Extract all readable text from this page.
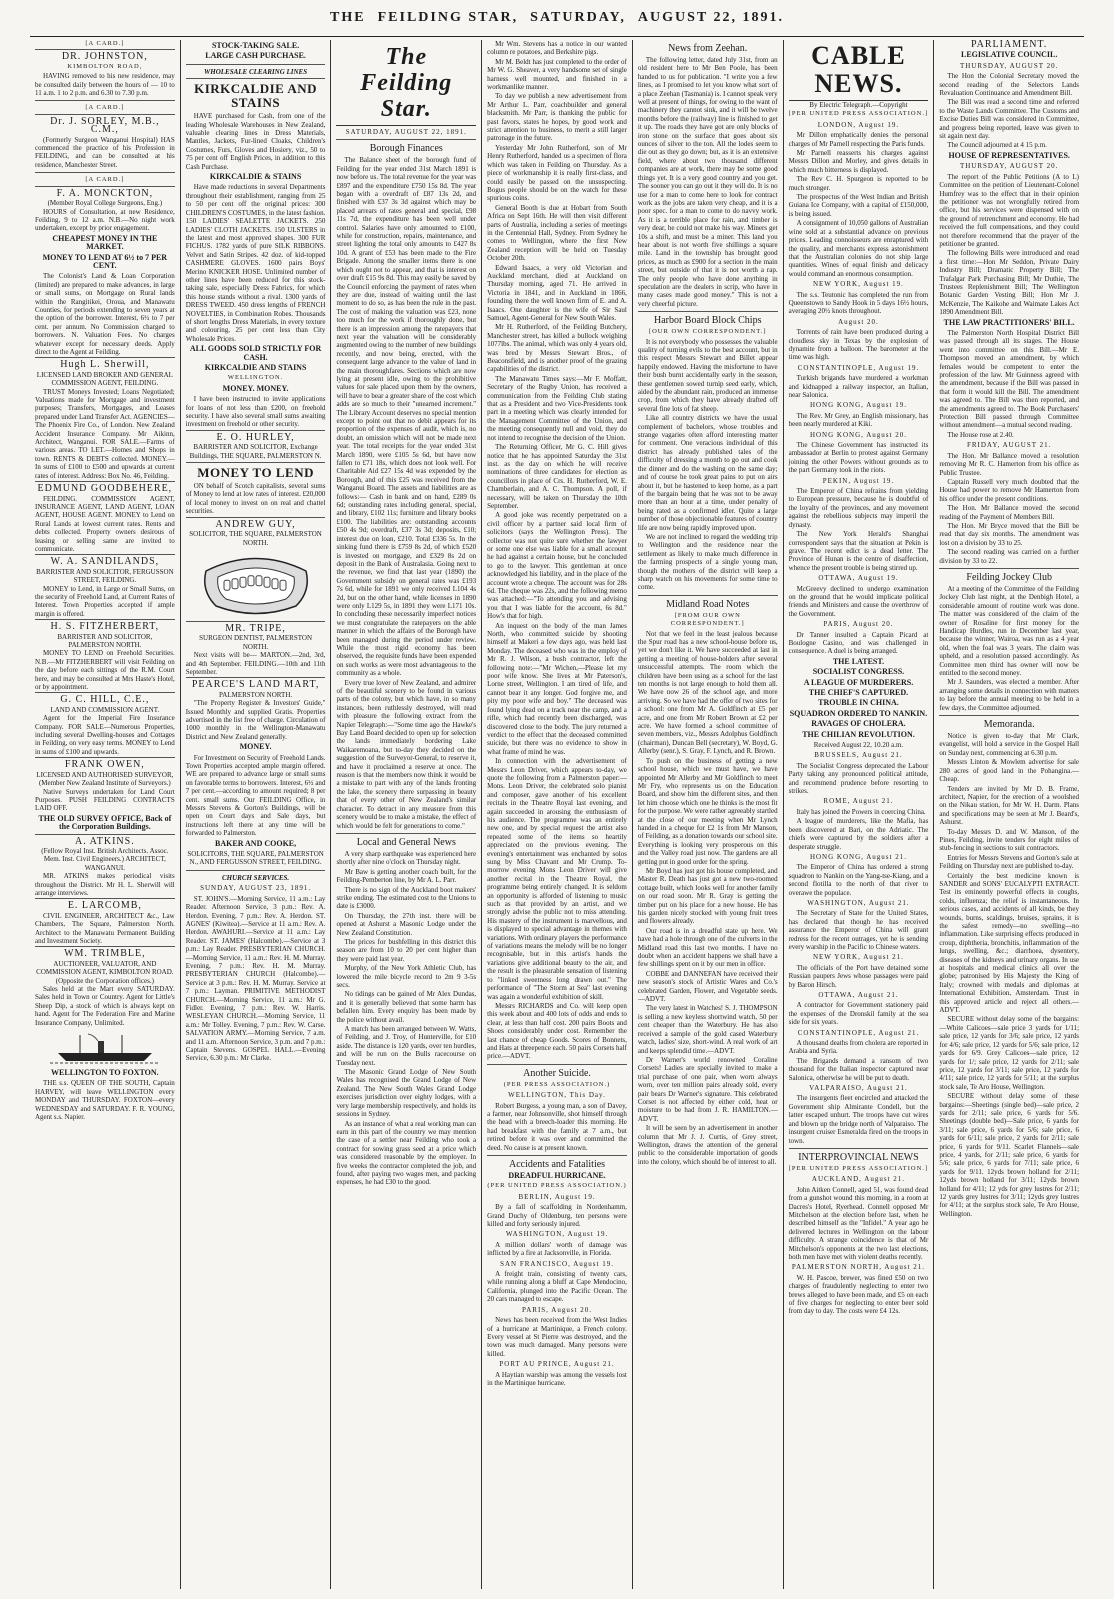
THE FEILDING STAR, SATURDAY, AUGUST 22, 1891.

[A CARD.]

DR. JOHNSTON,

KIMBOLTON ROAD,

HAVING removed to his new residence, may be consulted daily between the hours of — 10 to 11 a.m. 1 to 2 p.m. and 6.30 to 7.30 p.m.

[A CARD.]

Dr. J. SORLEY, M.B., C.M.,

(Formerly Surgeon Wanganui Hospital) HAS commenced the practice of his Profession in FEILDING, and can be consulted at his residence, Manchester Street.

[A CARD.]

F. A. MONCKTON,

(Member Royal College Surgeons, Eng.)

HOURS of Consultation, at new Residence, Feilding, 9 to 12 a.m. N.B.—No night work undertaken, except by prior engagement.

CHEAPEST MONEY IN THE MARKET.

MONEY TO LEND AT 6½ to 7 PER CENT.

The Colonist's Land & Loan Corporation (limited) are prepared to make advances, in large or small sums, on Mortgage on Rural lands within the Rangitikei, Oroua, and Manawatu Counties, for periods extending to seven years at the option of the borrower. Interest, 6½ to 7 per cent. per annum. No Commission charged to borrowers. N. Valuation Fees. No charges whatever except for necessary deeds. Apply direct to the Agent at Feilding.

Hugh L. Sherwill,

LICENSED LAND BROKER AND GENERAL COMMISSION AGENT, FEILDING.

TRUST Moneys Invested; Loans Negotiated; Valuations made for Mortgage and investment purposes; Transfers, Mortgages, and Leases prepared under Land Transfer Act. AGENCIES—The Phoenix Fire Co., of London. New Zealand Accident Insurance Company. Mr Aikinn, Architect, Wanganui. FOR SALE.—Farms of various areas. TO LET.—Homes and Shops in town. RENTS & DEBTS collected. MONEY.—In sums of £100 to £500 and upwards at current rates of interest. Address: Box No. 46, Feilding.

EDMUND GOODBEHERE,

FEILDING. COMMISSION AGENT, INSURANCE AGENT, LAND AGENT, LOAN AGENT, HOUSE AGENT. MONEY to Lend on Rural Lands at lowest current rates. Rents and debts collected. Property owners desirous of leasing or selling same are invited to communicate.

W. A. SANDILANDS,

BARRISTER AND SOLICITOR, FERGUSSON STREET, FEILDING.

MONEY to Lend, in Large or Small Sums, on the security of Freehold Land, at Current Rates of Interest. Town Properties accepted if ample margin is offered.

H. S. FITZHERBERT,

BARRISTER AND SOLICITOR, PALMERSTON NORTH.

MONEY TO LEND on Freehold Securities. N.B.—Mr FITZHERBERT will visit Feilding on the day before each sittings of the R.M. Court here, and may be consulted at Mrs Haste's Hotel, or by appointment.

G. C. HILL, C.E.,

LAND AND COMMISSION AGENT.

Agent for the Imperial Fire Insurance Company. FOR SALE—Numerous Properties, including several Dwelling-houses and Cottages in Feilding, on very easy terms. MONEY to Lend in sums of £100 and upwards.

FRANK OWEN,

LICENSED AND AUTHORISED SURVEYOR, (Member New Zealand Institute of Surveyors.)

Native Surveys undertaken for Land Court Purposes. PUSH FEILDING CONTRACTS LAID OFF.

THE OLD SURVEY OFFICE, Back of the Corporation Buildings.

A. ATKINS.

(Fellow Royal Inst. British Architects. Assoc. Mem. Inst. Civil Engineers.) ARCHITECT, WANGANUI.

MR. ATKINS makes periodical visits throughout the District. Mr H. L. Sherwill will arrange interviews.

E. LARCOMB,

CIVIL ENGINEER, ARCHITECT &c., Law Chambers, The Square, Palmerston North. Architect to the Manawatu Permanent Building and Investment Society.

WM. TRIMBLE,

AUCTIONEER, VALUATOR, AND COMMISSION AGENT, KIMBOLTON ROAD. (Opposite the Corporation offices.)

Sales held at the Mart every SATURDAY. Sales held in Town or Country. Agent for Little's Sheep Dip, a stock of which is always kept on hand. Agent for The Federation Fire and Marine Insurance Company, Unlimited.

WELLINGTON TO FOXTON.

THE s.s. QUEEN OF THE SOUTH, Captain HARVEY, will leave WELLINGTON every MONDAY and THURSDAY. FOXTON—every WEDNESDAY and SATURDAY. F. R. YOUNG, Agent s.s. Napier.

STOCK-TAKING SALE.

LARGE CASH PURCHASE.

WHOLESALE CLEARING LINES

KIRKCALDIE AND STAINS

HAVE purchased for Cash, from one of the leading Wholesale Warehouses in New Zealand, valuable clearing lines in Dress Materials, Mantles, Jackets, Fur-lined Cloaks, Children's Costumes, Furs, Gloves and Hosiery, viz., 50 to 75 per cent off English Prices, in addition to this Cash Purchase.

KIRKCALDIE & STAINS

Have made reductions in several Departments throughout their establishment, ranging from 25 to 50 per cent off the original prices: 300 CHILDREN'S COSTUMES, in the latest fashion. 150 LADIES' SEALETTE JACKETS. 250 LADIES' CLOTH JACKETS. 150 ULSTERS in the latest and most approved shapes. 300 FUR FICHUS. 1782 yards of pure SILK RIBBONS. Velvet and Satin Stripes. 42 doz. of kid-topped CASHMERE GLOVES. 1600 pairs Boys' Merino KNICKER HOSE. Unlimited number of other lines have been reduced for this stock-taking sale, especially Dress Fabrics, for which this house stands without a rival. 1300 yards of DRESS TWEED. 450 dress lengths of FRENCH NOVELTIES, in Combination Robes. Thousands of short lengths Dress Materials, in every texture and colouring, 25 per cent less than City Wholesale Prices.

ALL GOODS SOLD STRICTLY FOR CASH.

KIRKCALDIE AND STAINS

WELLINGTON.

MONEY. MONEY.

I have been instructed to invite applications for loans of not less than £200, on freehold security. I have also several small sums awaiting investment on freehold or other security.

E. O. HURLEY,

BARRISTER AND SOLICITOR, Exchange Buildings, THE SQUARE, PALMERSTON N.

MONEY TO LEND

ON behalf of Scotch capitalists, several sums of Money to lend at low rates of interest. £20,000 of local money to invest on on real and chattel securities.

ANDREW GUY,

SOLICITOR, THE SQUARE, PALMERSTON NORTH.

MR. TRIPE,

SURGEON DENTIST, PALMERSTON NORTH.

Next visits will be— MARTON.—2nd, 3rd, and 4th September. FEILDING.—10th and 11th September.

PEARCE'S LAND MART,

PALMERSTON NORTH.

"The Property Register & Investors' Guide," Issued Monthly and supplied Gratis. Properties advertised in the list free of charge. Circulation of 1000 monthly in the Wellington-Manawatu District and New Zealand generally.

MONEY.

For Investment on Security of Freehold Lands. Town Properties accepted ample margin offered. WE are prepared to advance large or small sums on favorable terms to borrowers. Interest, 6½ and 7 per cent.—according to amount required; 8 per cent. small sums. Our FEILDING Office, in Messrs Stevens & Gorton's Buildings, will be open on Court days and Sale days, but instructions left there at any time will be forwarded to Palmerston.

BAKER AND COOKE,

SOLICITORS, THE SQUARE, PALMERSTON N., AND FERGUSSON STREET, FEILDING.

CHURCH SERVICES.

SUNDAY, AUGUST 23, 1891.

ST. JOHN'S.—Morning Service, 11 a.m.: Lay Reader. Afternoon Service, 3 p.m.: Rev. A. Herdon. Evening, 7 p.m.: Rev. A. Herdon. ST. AGNES' (Kiwitea).—Service at 11 a.m.: Rev. A. Herdon. AWAHURI.—Service at 11 a.m.: Lay Reader. ST. JAMES' (Halcombe).—Service at 3 p.m.: Lay Reader. PRESBYTERIAN CHURCH.—Morning Service, 11 a.m.: Rev. H. M. Murray. Evening, 7 p.m.: Rev. H. M. Murray. PRESBYTERIAN CHURCH (Halcombe).—Service at 3 p.m.: Rev. H. M. Murray. Service at 7 p.m.: Layman. PRIMITIVE METHODIST CHURCH.—Morning Service, 11 a.m.: Mr G. Fidler. Evening, 7 p.m.: Rev. W. Harris. WESLEYAN CHURCH.—Morning Service, 11 a.m.: Mr Tolley. Evening, 7 p.m.: Rev. W. Carse. SALVATION ARMY.—Morning Service, 7 a.m. and 11 a.m. Afternoon Service, 3 p.m. and 7 p.m.: Captain Stevens. GOSPEL HALL.—Evening Service, 6.30 p.m.: Mr Clarke.

The Feilding Star.

SATURDAY, AUGUST 22, 1891.

Borough Finances

The Balance sheet of the borough fund of Feilding for the year ended 31st March 1891 is now before us. The total revenue for the year was £897 and the expenditure £750 15s 8d. The year began with a overdraft of £87 13s 2d, and finished with £37 3s 3d against which may be placed arrears of rates general and special, £98 11s 7d, the expenditure has been well under control. Salaries have only amounted to £100, while for construction, repairs, maintenance, and street lighting the total only amounts to £427 8s 10d. A grant of £53 has been made to the Fire Brigade. Among the smaller items there is one which ought not to appear, and that is interest on over draft £15 9s 8d. This may easily be saved by the Council enforcing the payment of rates when they are due, instead of waiting until the last moment to do so, as has been the rule in the past. The cost of making the valuation was £23, none too much for the work if thoroughly done, but there is an impression among the ratepayers that next year the valuation will be considerably augmented owing to the number of new buildings recently, and now being, erected, with the consequent large advance to the value of land in the main thoroughfares. Sections which are now lying at present idle, owing to the prohibitive values for sale placed upon them by the owners, will have to bear a greater share of the cost which adds are so much to their "unearned increment." The Library Account deserves no special mention except to point out that no debit appears for its proportion of the expenses of audit, which is, no doubt, an omission which will not be made next year. The total receipts for the year ended 31st March 1890, were £105 5s 6d, but have now fallen to £71 18s, which does not look well. For Charitable Aid £27 15s 4d was expended by the Borough, and of this £25 was received from the Wanganui Board. The assets and liabilities are as follows:— Cash in bank and on hand, £289 0s 6d; outstanding rates including general, special, and library, £102 11s; furniture and library books £100. The liabilities are: outstanding accounts £50 4s 9d; overdraft, £37 3s 3d; deposits, £10; interest due on loan, £210. Total £336 5s. In the sinking fund there is £759 8s 2d, of which £520 is invested on mortgage, and £329 8s 2d on deposit in the Bank of Australasia. Going next to the revenue, we find that last year (1890) the Government subsidy on general rates was £193 7s 6d, while for 1891 we only received L104 4s 2d, but on the other hand, while licenses in 1890 were only L129 5s, in 1891 they were L171 10s. In concluding these necessarily imperfect notices we must congratulate the ratepayers on the able manner in which the affairs of the Borough have been managed during the period under review. While the most rigid economy has been observed, the requisite funds have been expended on such works as were most advantageous to the community as a whole.

Every true lover of New Zealand, and admirer of the beautiful scenery to be found in various parts of the colony, but which have, in so many instances, been ruthlessly destroyed, will read with pleasure the following extract from the Napier Telegraph:—"Some time ago the Hawke's Bay Land Board decided to open up for selection the lands immediately bordering Lake Waikaremoana, but to-day they decided on the suggestion of the Surveyor-General, to reserve it, and have it proclaimed a reserve at once. The reason is that the members now think it would be a mistake to part with any of the lands fronting the lake, the scenery there surpassing in beauty that of every other of New Zealand's similar character. To detract in any measure from this scenery would be to make a mistake, the effect of which would be felt for generations to come."

Local and General News

A very sharp earthquake was experienced here shortly after nine o'clock on Thursday night.

Mr Baw is getting another coach built, for the Feilding-Pemberton line, by Mr A. L. Parr.

There is no sign of the Auckland boot makers' strike ending. The estimated cost to the Unions to date is £3000.

On Thursday, the 27th inst. there will be opened at Ashurst a Masonic Lodge under the New Zealand Constitution.

The prices for bushfelling in this district this season are from 10 to 20 per cent higher than they were paid last year.

Murphy, of the New York Athletic Club, has lowered the mile bicycle record to 2m 9 3-5s secs.

No tidings can be gained of Mr Alex Dundas, and it is generally believed that some harm has befallen him. Every enquiry has been made by the police without avail.

A match has been arranged between W. Watts, of Feilding, and J. Troy, of Hunterville, for £10 aside. The distance is 120 yards, over ten hurdles, and will be run on the Bulls racecourse on Tuesday next.

The Masonic Grand Lodge of New South Wales has recognised the Grand Lodge of New Zealand. The New South Wales Grand Lodge exercises jurisdiction over eighty lodges, with a very large membership respectively, and holds its sessions in Sydney.

As an instance of what a real working man can earn in this part of the country we may mention the case of a settler near Feilding who took a contract for sowing grass seed at a price which was considered reasonable by the employer. In five weeks the contractor completed the job, and found, after paying two wages men, and packing expenses, he had £30 to the good.

Mr Wm. Stevens has a notice in our wanted column re potatoes, and Berkshire pigs.

Mr M. Beldt has just completed to the order of Mr W. G. Sheaver, a very handsome set of single harness well mounted, and finished in a workmanlike manner.

To day we publish a new advertisement from Mr Arthur L. Parr, coachbuilder and general blacksmith. Mr Parr, is thanking the public for past favors, states he hopes, by good work and strict attention to business, to merit a still larger patronage in the future.

Yesterday Mr John Rutherford, son of Mr Henry Rutherford, handed us a specimen of flora which was taken in Feilding on Thursday. As a piece of workmanship it is really first-class, and could easily be passed on the unsuspecting. Bogus people should be on the watch for these spurious coins.

General Booth is due at Hobart from South Africa on Sept 16th. He will then visit different parts of Australia, including a series of meetings in the Centennial Hall, Sydney. From Sydney he comes to Wellington, where the first New Zealand reception will be held on Tuesday October 20th.

Edward Isaacs, a very old Victorian and Auckland merchant, died at Auckland on Thursday morning, aged 71. He arrived in Victoria in 1841, and in Auckland in 1866, founding there the well known firm of E. and A. Isaacs. One daughter is the wife of Sir Saul Samuel, Agent-General for New South Wales.

Mr H. Rutherford, of the Feilding Butchery, Manchester street, has killed a bullock weighing 1077lbs. The animal, which was only 4 years old, was bred by Messrs Stewart Bros., of Beaconsfield, and is another proof of the grazing capabilities of the district.

The Manawatu Times says:—Mr F. Moffatt, Secretary of the Rugby Union, has received a communication from the Feilding Club stating that as a President and two Vice-Presidents took part in a meeting which was clearly intended for the Management Committee of the Union, and the meeting consequently null and void, they do not intend to recognise the decision of the Union.

The Returning Officer, Mr G. C. Hill gives notice that he has appointed Saturday the 31st inst. as the day on which he will receive nominations of three candidates for election as councillors in place of Crs. H. Rutherford, W. E. Chamberlain, and A. C. Thompson. A poll, if necessary, will be taken on Thursday the 10th September.

A good joke was recently perpetrated on a civil officer by a partner said local firm of solicitors (says the Wellington Press). The collector was not quite sure whether the lawyer or some one else was liable for a small account he had against a certain house, but he concluded to go to the lawyer. This gentleman at once acknowledged his liability, and in the place of the account wrote a cheque. The account was for 28s 6d. The cheque was 22s, and the following memo was attached:—"To attending you and advising you that I was liable for the account, 6s 8d." How's that for high.

An inquest on the body of the man James North, who committed suicide by shooting himself at Makeri a few days ago, was held last Monday. The deceased who was in the employ of Mr R. J. Wilson, a bush contractor, left the following note:—"Mr Wichen,—Please let my poor wife know. She lives at Mr Paterson's, Lorne street, Wellington. I am tired of life, and cannot bear it any longer. God forgive me, and pity my poor wife and boy." The deceased was found lying dead on a track near the camp, and a rifle, which had recently been discharged, was discovered close to the body. The jury returned a verdict to the effect that the deceased committed suicide, but there was no evidence to show in what frame of mind he was.

In connection with the advertisement of Messrs Leon Driver, which appears to-day, we quote the following from a Palmerston paper:—Mons. Leon Driver, the celebrated solo pianist and composer, gave another of his excellent recitals in the Theatre Royal last evening, and again succeeded in arousing the enthusiasm of his audience. The programme was an entirely new one, and by special request the artist also repeated some of the items so heartily appreciated on the previous evening. The evening's entertainment was enchanted by solos sung by Miss Chavant and Mr Crump. To-morrow evening Mons Leon Driver will give another recital in the Theatre Royal, the programme being entirely changed. It is seldom an opportunity is afforded of listening to music such as that provided by an artist, and we strongly advise the public not to miss attending. His mastery of the instrument is marvellous, and is displayed to special advantage in themes with variations. With ordinary players the performance of variations means the melody will be no longer recognisable, but in this artist's hands the variations give additional beauty to the air, and the result is the pleasurable sensation of listening to "linked sweetness long drawn out." The performance of "The Storm at Sea" last evening was again a wonderful exhibition of skill.

Messrs RICHARDS and Co. will keep open this week about and 400 lots of odds and ends to clear, at less than half cost. 200 pairs Boots and Shoes considerably under cost. Remember the last chance of cheap Goods. Scores of Bonnets, and Hats at threepence each. 50 pairs Corsets half price.—ADVT.

Another Suicide.

(PER PRESS ASSOCIATION.)

WELLINGTON, This Day.

Robert Burgess, a young man, a son of Davey, a farmer, near Johnsonville, shot himself through the head with a breech-loader this morning. He had breakfast with the family at 7 a.m., but retired before it was over and committed the deed. No cause is at present known.

Accidents and Fatalities

DREADFUL HURRICANE.

(PER UNITED PRESS ASSOCIATION.)

BERLIN, August 19.

By a fall of scaffolding in Nordenhamm, Grand Duchy of Oldenburg, ten persons were killed and forty seriously injured.

WASHINGTON, August 19.

A million dollars' worth of damage was inflicted by a fire at Jacksonville, in Florida.

SAN FRANCISCO, August 19.

A freight train, consisting of twenty cars, while running along a bluff at Cape Mendocino, California, plunged into the Pacific Ocean. The 20 cars managed to escape.

PARIS, August 20.

News has been received from the West Indies of a hurricane at Martinique, a French colony. Every vessel at St Pierre was destroyed, and the town was much damaged. Many persons were killed.

PORT AU PRINCE, August 21.

A Haytian warship was among the vessels lost in the Martinique hurricane.

News from Zeehan.

The following letter, dated July 31st, from an old resident here to Mr Ben Poole, has been handed to us for publication. "I write you a few lines, as I promised to let you know what sort of a place Zeehan (Tasmania) is. I cannot speak very well at present of things, for owing to the want of machinery they cannot sink, and it will be twelve months before the (railway) line is finished to get it up. The roads they have got are only blocks of iron stone on the surface that goes about six ounces of silver to the ton. All the lodes seem to die out as they go down; but, as it is an extensive field, where about two thousand different companies are at work, there may be some good things yet. It is a very good country and you get. The sooner you can go out it they will do. It is no use for a man to come here to look for contract work as the jobs are taken very cheap, and it is a poor spec. for a man to come to do navvy work. As it is a terrible place for rain, and timber is very dear, he could not make his way. Miners get 10s a shift, and must be a miner. This land you hear about is not worth five shillings a square mile. Land in the township has brought good prices, as much as £900 for a section in the main street, but outside of that it is not worth a rap. The only people who have done anything in speculation are the dealers in scrip, who have in many cases made good money." This is not a very cheerful picture.

Harbor Board Block Chips

[OUR OWN CORRESPONDENT.]

It is not everybody who possesses the valuable quality of turning evils to the best account, but in this respect Messrs Stewart and Billet appear happily endowed. Having the misfortune to have their bush burnt accidentally early in the season, these gentlemen sowed turnip seed early, which, aided by the abundant rain, produced an immense crop, from which they have already drafted off several fine lots of fat sheep.

Like all country districts we have the usual complement of bachelors, whose troubles and strange vagaries often afford interesting matter for comment. One veracious individual of this district has already published tales of the difficulty of dressing a month to go out and cook the dinner and do the washing on the same day; and of course he took great pains to put on airs about it, but he hastened to keep home, as a part of the bargain being that he was not to be away more than an hour at a time, under penalty of being rated as a confirmed idler. Quite a large number of those objectionable features of country life are now being rapidly improved upon.

We are not inclined to regard the wedding trip to Wellington and the residence near the settlement as likely to make much difference in the farming prospects of a single young man, though the mothers of the district will keep a sharp watch on his movements for some time to come.

Midland Road Notes

[FROM OUR OWN CORRESPONDENT.]

Not that we feel in the least jealous because the Spur road has a new school-house before us, yet we don't like it. We have succeeded at last in getting a meeting of house-holders after several unsuccessful attempts. The room which the children have been using as a school for the last ten months is not large enough to hold them all. We have now 26 of the school age, and more arriving. So we have had the offer of two sites for a school: one from Mr A. Goldfinch at £5 per acre, and one from Mr Robert Brown at £2 per acre. We have formed a school committee of seven members, viz., Messrs Adolphus Goldfinch (chairman), Duncan Bell (secretary), W. Boyd, G. Allerby (senr.), S. Gray, F. Lynch, and R. Brown.

To push on the business of getting a new school house, which we must have, we have appointed Mr Allerby and Mr Goldfinch to meet Mr Fry, who represents us on the Education Board, and show him the different sites, and then let him choose which one he thinks is the most fit for the purpose. We were rather agreeably startled at the close of our meeting when Mr Lynch handed in a cheque for £2 1s from Mr Manson, of Feilding, as a donation towards our school site. Everything is looking very prosperous on this and the Valley road just now. The gardens are all getting put in good order for the spring.

Mr Boyd has just got his house completed, and Master R. Death has just got a new two-roomed cottage built, which looks well for another family on our road soon. Mr R. Gray is getting the timber put on his place for a new house. He has his garden nicely stocked with young fruit trees and flowers already.

Our road is in a dreadful state up here. We have had a hole through one of the culverts in the Midland road this last two months. I have no doubt when an accident happens we shall have a few shillings spent on it by our men in office.

COBBE and DANNEFAN have received their new season's stock of Artistic Wares and Co.'s celebrated Garden, Flower, and Vegetable seeds.—ADVT.

The very latest in Watches! S. J. THOMPSON is selling a new keyless shortwind watch, 50 per cent cheaper than the Waterbury. He has also received a sample of the gold cased Waterbury watch, ladies' size, short-wind. A real work of art and keeps splendid time.—ADVT.

Dr Warner's world renowned Coraline Corsets! Ladies are specially invited to make a trial purchase of one pair, when worn always worn, over ten million pairs already sold, every pair bears Dr Warner's signature. This celebrated Corset is not affected by either cold, heat or moisture to be had from J. R. HAMILTON.—ADVT.

It will be seen by an advertisement in another column that Mr J. J. Curtis, of Grey street, Wellington, draws the attention of the general public to the considerable importation of goods into the colony, which should be of interest to all.

CABLE NEWS.

By Electric Telegraph.—Copyright

[PER UNITED PRESS ASSOCIATION.]

LONDON, August 19.

Mr Dillon emphatically denies the personal charges of Mr Parnell respecting the Paris funds.

Mr Parnell reasserts his charges against Messrs Dillon and Morley, and gives details in which much bitterness is displayed.

The Rev C. H. Spurgeon is reported to be much stronger.

The prospectus of the West Indian and British Guiana Ice Company, with a capital of £150,000, is being issued.

A consignment of 10,050 gallons of Australian wine sold at a substantial advance on previous prices. Leading connoisseurs are enraptured with the quality, and merchants express astonishment that the Australian colonies do not ship large quantities. Wines of equal finish and delicacy would command an enormous consumption.

NEW YORK, August 19.

The s.s. Teutonic has completed the run from Queenstown to Sandy Hook in 5 days 16½ hours, averaging 20½ knots throughout.

August 20.

Torrents of rain have been produced during a cloudless sky in Texas by the explosion of dynamite from a balloon. The barometer at the time was high.

CONSTANTINOPLE, August 19.

Turkish brigands have murdered a workman and kidnapped a railway inspector, an Italian, near Salonica.

HONG KONG, August 19.

The Rev. Mr Grey, an English missionary, has been nearly murdered at Kiki.

HONG KONG, August 20.

The Chinese Government has instructed its ambassador at Berlin to protest against Germany joining the other Powers without grounds as to the part Germany took in the riots.

PEKIN, August 19.

The Emperor of China refrains from yielding to European pressure, because he is doubtful of the loyalty of the provinces, and any movement against the rebellious subjects may imperil the dynasty.

The New York Herald's Shanghai correspondent says that the situation at Pekin is grave. The recent edict is a dead letter. The Province of Hunan is the centre of disaffection, whence the present trouble is being stirred up.

OTTAWA, August 19.

McGreevy declined to undergo examination on the ground that he would implicate political friends and Ministers and cause the overthrow of the Government.

PARIS, August 20.

Dr Tanner insulted a Captain Picard at Boulogne Casino, and was challenged in consequence. A duel is being arranged.

THE LATEST.

SOCIALIST CONGRESS.

A LEAGUE OF MURDERERS.

THE CHIEF'S CAPTURED.

TROUBLE IN CHINA.

SQUADRON ORDERED TO NANKIN.

RAVAGES OF CHOLERA.

THE CHILIAN REVOLUTION.

Received August 22, 10.20 a.m.

BRUSSELS, August 21.

The Socialist Congress deprecated the Labour Party taking any pronounced political attitude, and recommend prudence before resorting to strikes.

ROME, August 21.

Italy has joined the Powers in coercing China.

A league of murderers, like the Mafia, has been discovered at Bari, on the Adriatic. The chiefs were captured by the soldiers after a desperate struggle.

HONG KONG, August 21.

The Emperor of China has ordered a strong squadron to Nankin on the Yang-tse-Kiang, and a second flotilla to the north of that river to overawe the populace.

WASHINGTON, August 21.

The Secretary of State for the United States, has declared that though he has received assurance the Emperor of China will grant redress for the recent outrages, yet he is sending every warship in the Pacific to Chinese waters.

NEW YORK, August 21.

The officials of the Port have detained some Russian paupers Jews whose passages were paid by Baron Hirsch.

OTTAWA, August 21.

A contractor for Government stationery paid the expenses of the Dronskil family at the sea side for six years.

CONSTANTINOPLE, August 21.

A thousand deaths from cholera are reported in Arabia and Syria.

The Brigands demand a ransom of two thousand for the Italian inspector captured near Salonica, otherwise he will be put to death.

VALPARAISO, August 21.

The insurgents fleet encircled and attacked the Government ship Almirante Condell, but the latter escaped unhurt. The troops have cut wires and blown up the bridge north of Valparaiso. The insurgent cruiser Esmeralda fired on the troops in town.

INTERPROVINCIAL NEWS

[PER UNITED PRESS ASSOCIATION.]

AUCKLAND, August 21.

John Aitken Connell, aged 51, was found dead from a gunshot wound this morning, in a room at Dacres's Hotel, Ryerhead. Connell opposed Mr Mitchelson at the election before last, when he described himself as the "Infidel." A year ago he delivered lectures in Wellington on the labour difficulty. A strange coincidence is that of Mr Mitchelson's opponents at the two last elections, both men have met with violent deaths recently.

PALMERSTON NORTH, August 21.

W. H. Pascoe, brewer, was fined £50 on two charges of fraudulently neglecting to enter two brews alleged to have been made, and £5 on each of five charges for neglecting to enter beer sold from day to day. The costs were £4 12s.

PARLIAMENT.

LEGISLATIVE COUNCIL.

THURSDAY, AUGUST 20.

The Hon the Colonial Secretary moved the second reading of the Selectors Lands Revaluation Continuance and Amendment Bill.

The Bill was read a second time and referred to the Waste Lands Committee. The Customs and Excise Duties Bill was considered in Committee, and progress being reported, leave was given to sit again next day.

The Council adjourned at 4 15 p.m.

HOUSE OF REPRESENTATIVES.

THURSDAY, AUGUST 20.

The report of the Public Petitions (A to L) Committee on the petition of Lieutenant-Colonel Humfrey was to the effect that in their opinion the petitioner was not wrongfully retired from office, but his services were dispensed with on the ground of retrenchment and economy. He had received the full compensations, and they could not therefore recommend that the prayer of the petitioner be granted.

The following Bills were introduced and read a first time:—Hon Mr Seddon, Private Dairy Industry Bill; Dramatic Property Bill; The Trafalgar Park Purchasing Bill; Mr Duthie, The Trustees Replenishment Bill; The Wellington Botanic Garden Vesting Bill; Hon Mr J. McKenzie, The Kaikohe and Waimate Lakes Act 1890 Amendment Bill.

THE LAW PRACTITIONERS' BILL.

The Palmerston North Hospital District Bill was passed through all its stages. The House went into committee on this Bill.—Mr E. Thompson moved an amendment, by which females would be competent to enter the profession of the law. Mr Guinness agreed with the amendment, because if the Bill was passed in that form it would kill the Bill. The amendment was agreed to. The Bill was then reported, and the amendments agreed to. The Book Purchasers' Protection Bill passed through Committee without amendment—a mutual second reading.

The House rose at 2.40.

FRIDAY, AUGUST 21.

The Hon. Mr Ballance moved a resolution removing Mr R. C. Hamerton from his office as Public Trustee.

Captain Russell very much doubted that the House had power to remove Mr Hamerton from his office under the present conditions.

The Hon. Mr Ballance moved the second reading of the Payment of Members Bill.

The Hon. Mr Bryce moved that the Bill be read that day six months. The amendment was lost on a division by 33 to 25.

The second reading was carried on a further division by 33 to 22.

Feilding Jockey Club

At a meeting of the Committee of the Feilding Jockey Club last night, at the Denbigh Hotel, a considerable amount of routine work was done. The matter was considered of the claim of the owner of Rosaline for first money for the Handicap Hurdles, run in December last year, because the winner, Wairoa, was run as a 4 year old, when the foal was 3 years. The claim was upheld, and a resolution passed accordingly. As Committee men third has owner will now be entitled to the second money.

Mr J. Saunders, was elected a member. After arranging some details in connection with matters to lay before the annual meeting to be held in a few days, the Committee adjourned.

Memoranda.

Notice is given to-day that Mr Clark, evangelist, will hold a service in the Gospel Hall on Sunday next, commencing at 6.30 p.m.

Messrs Linton & Mowlem advertise for sale 280 acres of good land in the Pohangina.—Cheap.

Tenders are invited by Mr D. B. Frame, architect, Napier, for the erection of a woolshed on the Nikau station, for Mr W. H. Darm. Plans and specifications may be seen at Mr J. Beard's, Ashurst.

To-day Messrs D. and W. Manson, of the Pines, Feilding, invite tenders for eight miles of stub-fencing in sections to suit contractors.

Entries for Messrs Stevens and Gorton's sale at Feilding on Thursday next are published to-day.

Certainly the best medicine known is SANDER and SONS' EUCALYPTI EXTRACT. Test its eminently powerful effects in coughs, colds, influenza; the relief is instantaneous. In serious cases, and accidents of all kinds, be they wounds, burns, scaldings, bruises, sprains, it is the safest remedy—no swelling—no inflammation. Like surprising effects produced in croup, diphtheria, bronchitis, inflammation of the lungs, swelling, &c.; diarrhoea, dysentery, diseases of the kidneys and urinary organs. In use at hospitals and medical clinics all over the globe; patronised by His Majesty the King of Italy; crowned with medals and diplomas at International Exhibition, Amsterdam. Trust in this approved article and reject all others.—ADVT.

SECURE without delay some of the bargains:—White Calicoes—sale price 3 yards for 1/11; sale price, 12 yards for 3/6; sale price, 12 yards for 4/6; sale price, 12 yards for 5/6; sale price, 12 yards for 6/9. Grey Calicoes—sale price, 12 yards for 1/; sale price, 12 yards for 2/11; sale price, 12 yards for 3/11; sale price, 12 yards for 4/11; sale price, 12 yards for 5/11; at the surplus stock sale, Te Aro House, Wellington.

SECURE without delay some of these bargains:—Sheetings (single bed)—sale price, 2 yards for 2/11; sale price, 6 yards for 5/6. Sheetings (double bed)—Sale price, 6 yards for 3/11; sale price, 6 yards for 5/6; sale price, 6 yards for 6/11; sale price, 2 yards for 2/11; sale price, 6 yards for 9/11. Scarlet Flannels—sale price, 4 yards, for 2/11; sale price, 6 yards for 5/6; sale price, 6 yards for 7/11; sale price, 6 yards for 9/11. 12yds brown holland for 2/11; 12yds brown holland for 3/11; 12yds brown holland for 4/11; 12 yds for grey lustres for 2/11; 12 yards grey lustres for 3/11; 12yds grey lustres for 4/11; at the surplus stock sale, Te Aro House, Wellington.
